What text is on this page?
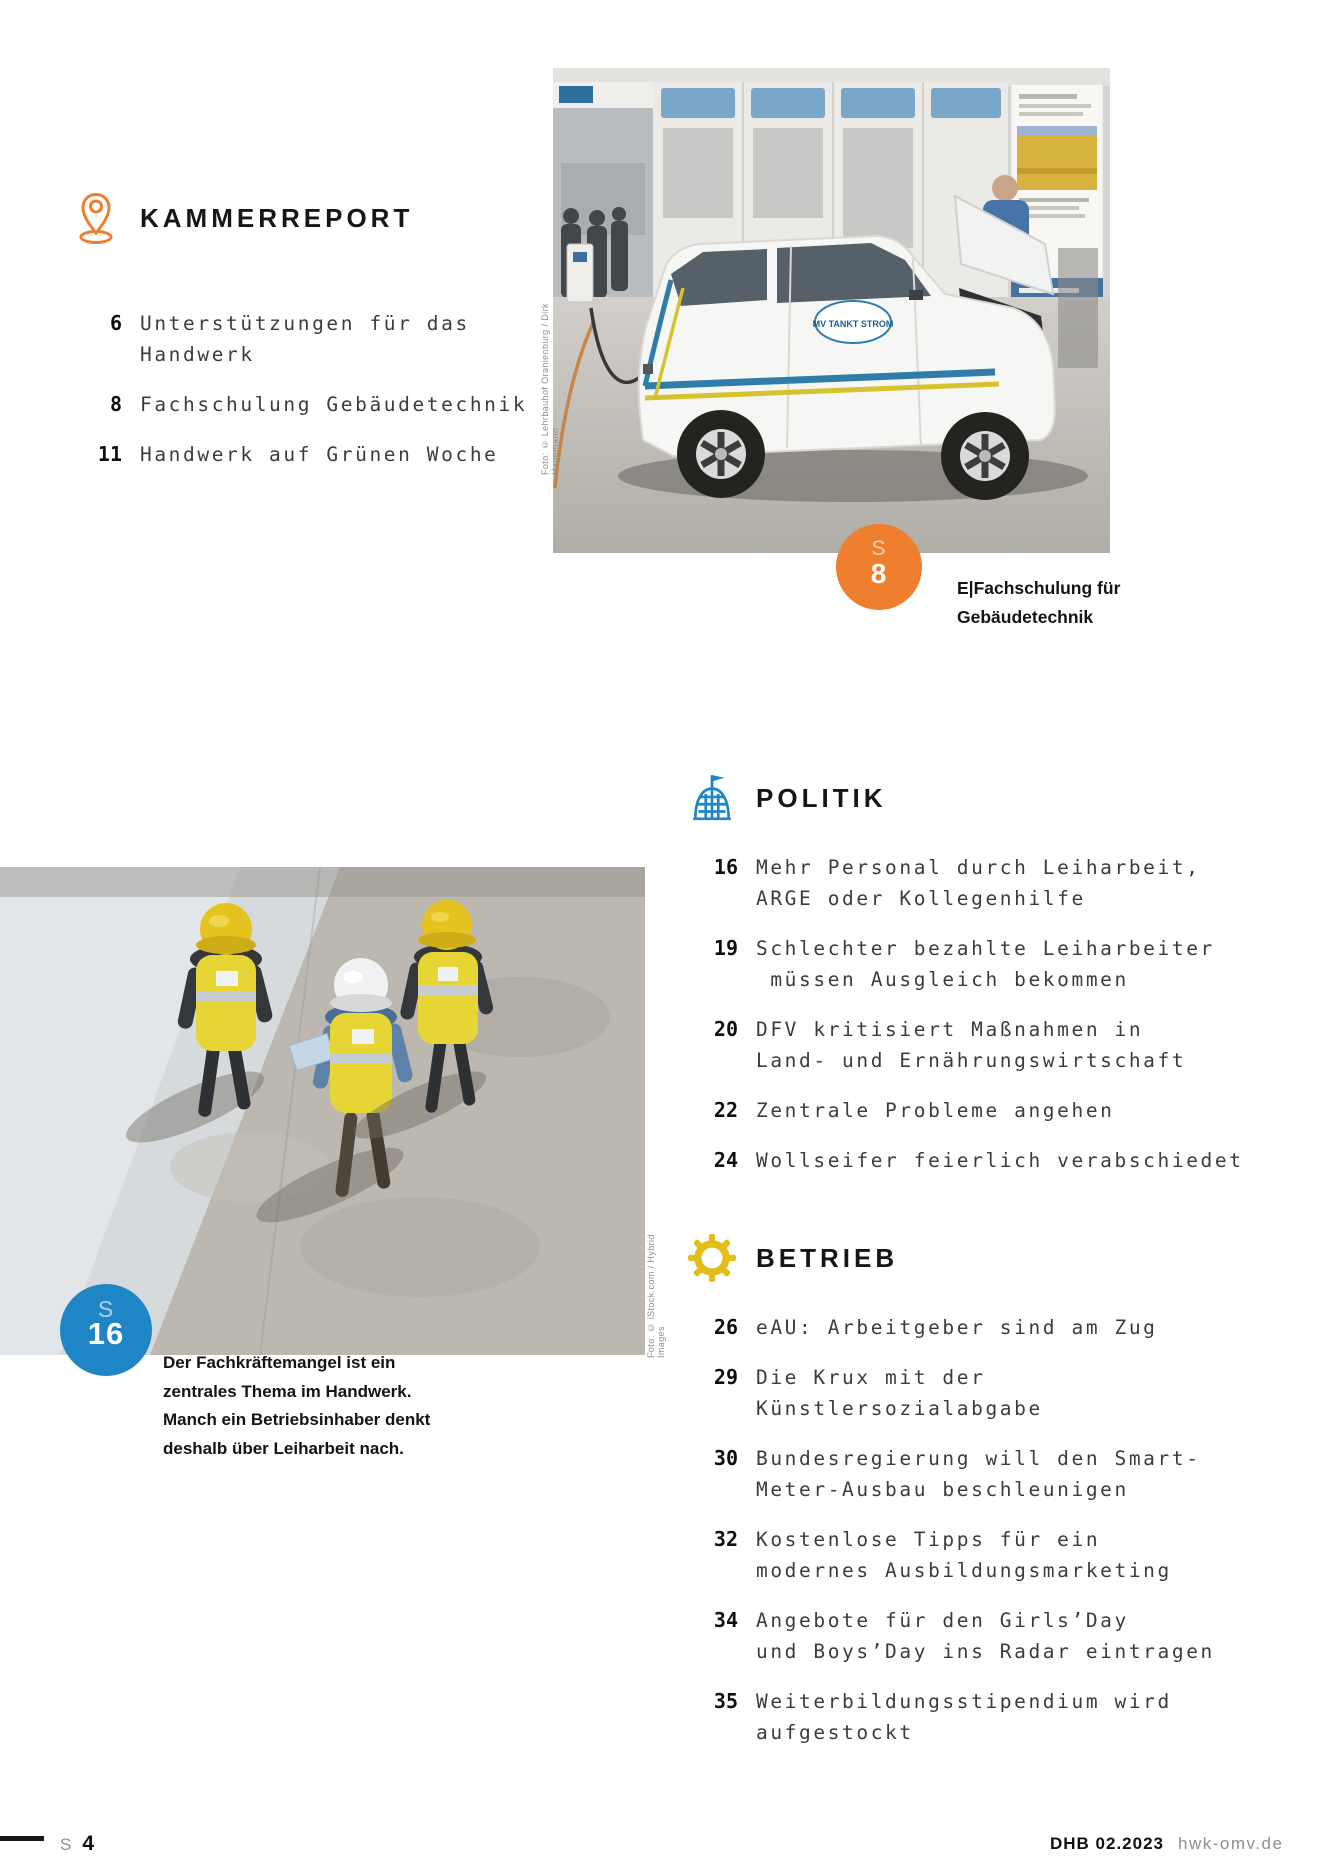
MV TANKT STROM
Foto: © Lehrbauhof Oranienburg / Dirk Hagemann
S
8	E|Fachschulung für
Gebäudetechnik
KAMMERREPORT
6 Unterstützungen für das
Handwerk
8 Fachschulung Gebäudetechnik
11 Handwerk auf Grünen Woche
POLITIK
16 Mehr Personal durch Leiharbeit,
ARGE oder Kollegenhilfe
19 Schlechter bezahlte Leiharbeiter
müssen Ausgleich bekommen
20 DFV kritisiert Maßnahmen in
Land- und Ernährungswirtschaft
22 Zentrale Probleme angehen
24 Wollseifer feierlich verabschiedet
BETRIEB
26 eAU: Arbeitgeber sind am Zug
29 Die Krux mit der
Künstlersozialabgabe
30 Bundesregierung will den Smart-
Meter-Ausbau beschleunigen
32 Kostenlose Tipps für ein
modernes Ausbildungsmarketing
34 Angebote für den Girls’Day
und Boys’Day ins Radar eintragen
35 Weiterbildungsstipendium wird
aufgestockt
Foto: © iStock.com / Hybrid Images
S
16
Der Fachkräftemangel ist ein
zentrales Thema im Handwerk.
Manch ein Betriebsinhaber denkt
deshalb über Leiharbeit nach.
S 4	DHB 02.2023 hwk-omv.de
